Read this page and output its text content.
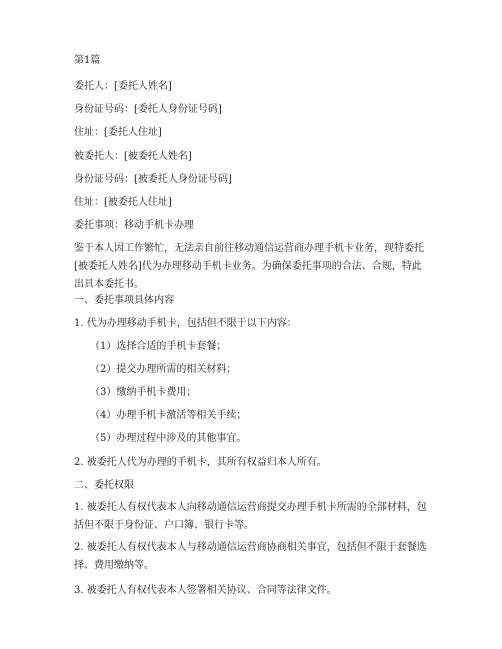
第1篇
委托人：[委托人姓名]
身份证号码：[委托人身份证号码]
住址：[委托人住址]
被委托人：[被委托人姓名]
身份证号码：[被委托人身份证号码]
住址：[被委托人住址]
委托事项：移动手机卡办理
鉴于本人因工作繁忙，无法亲自前往移动通信运营商办理手机卡业务，现特委托[被委托人姓名]代为办理移动手机卡业务。为确保委托事项的合法、合规，特此出具本委托书。
一、委托事项具体内容
1. 代为办理移动手机卡，包括但不限于以下内容：
（1）选择合适的手机卡套餐；
（2）提交办理所需的相关材料；
（3）缴纳手机卡费用；
（4）办理手机卡激活等相关手续；
（5）办理过程中涉及的其他事宜。
2. 被委托人代为办理的手机卡，其所有权益归本人所有。
二、委托权限
1. 被委托人有权代表本人向移动通信运营商提交办理手机卡所需的全部材料，包括但不限于身份证、户口簿、银行卡等。
2. 被委托人有权代表本人与移动通信运营商协商相关事宜，包括但不限于套餐选择、费用缴纳等。
3. 被委托人有权代表本人签署相关协议、合同等法律文件。
